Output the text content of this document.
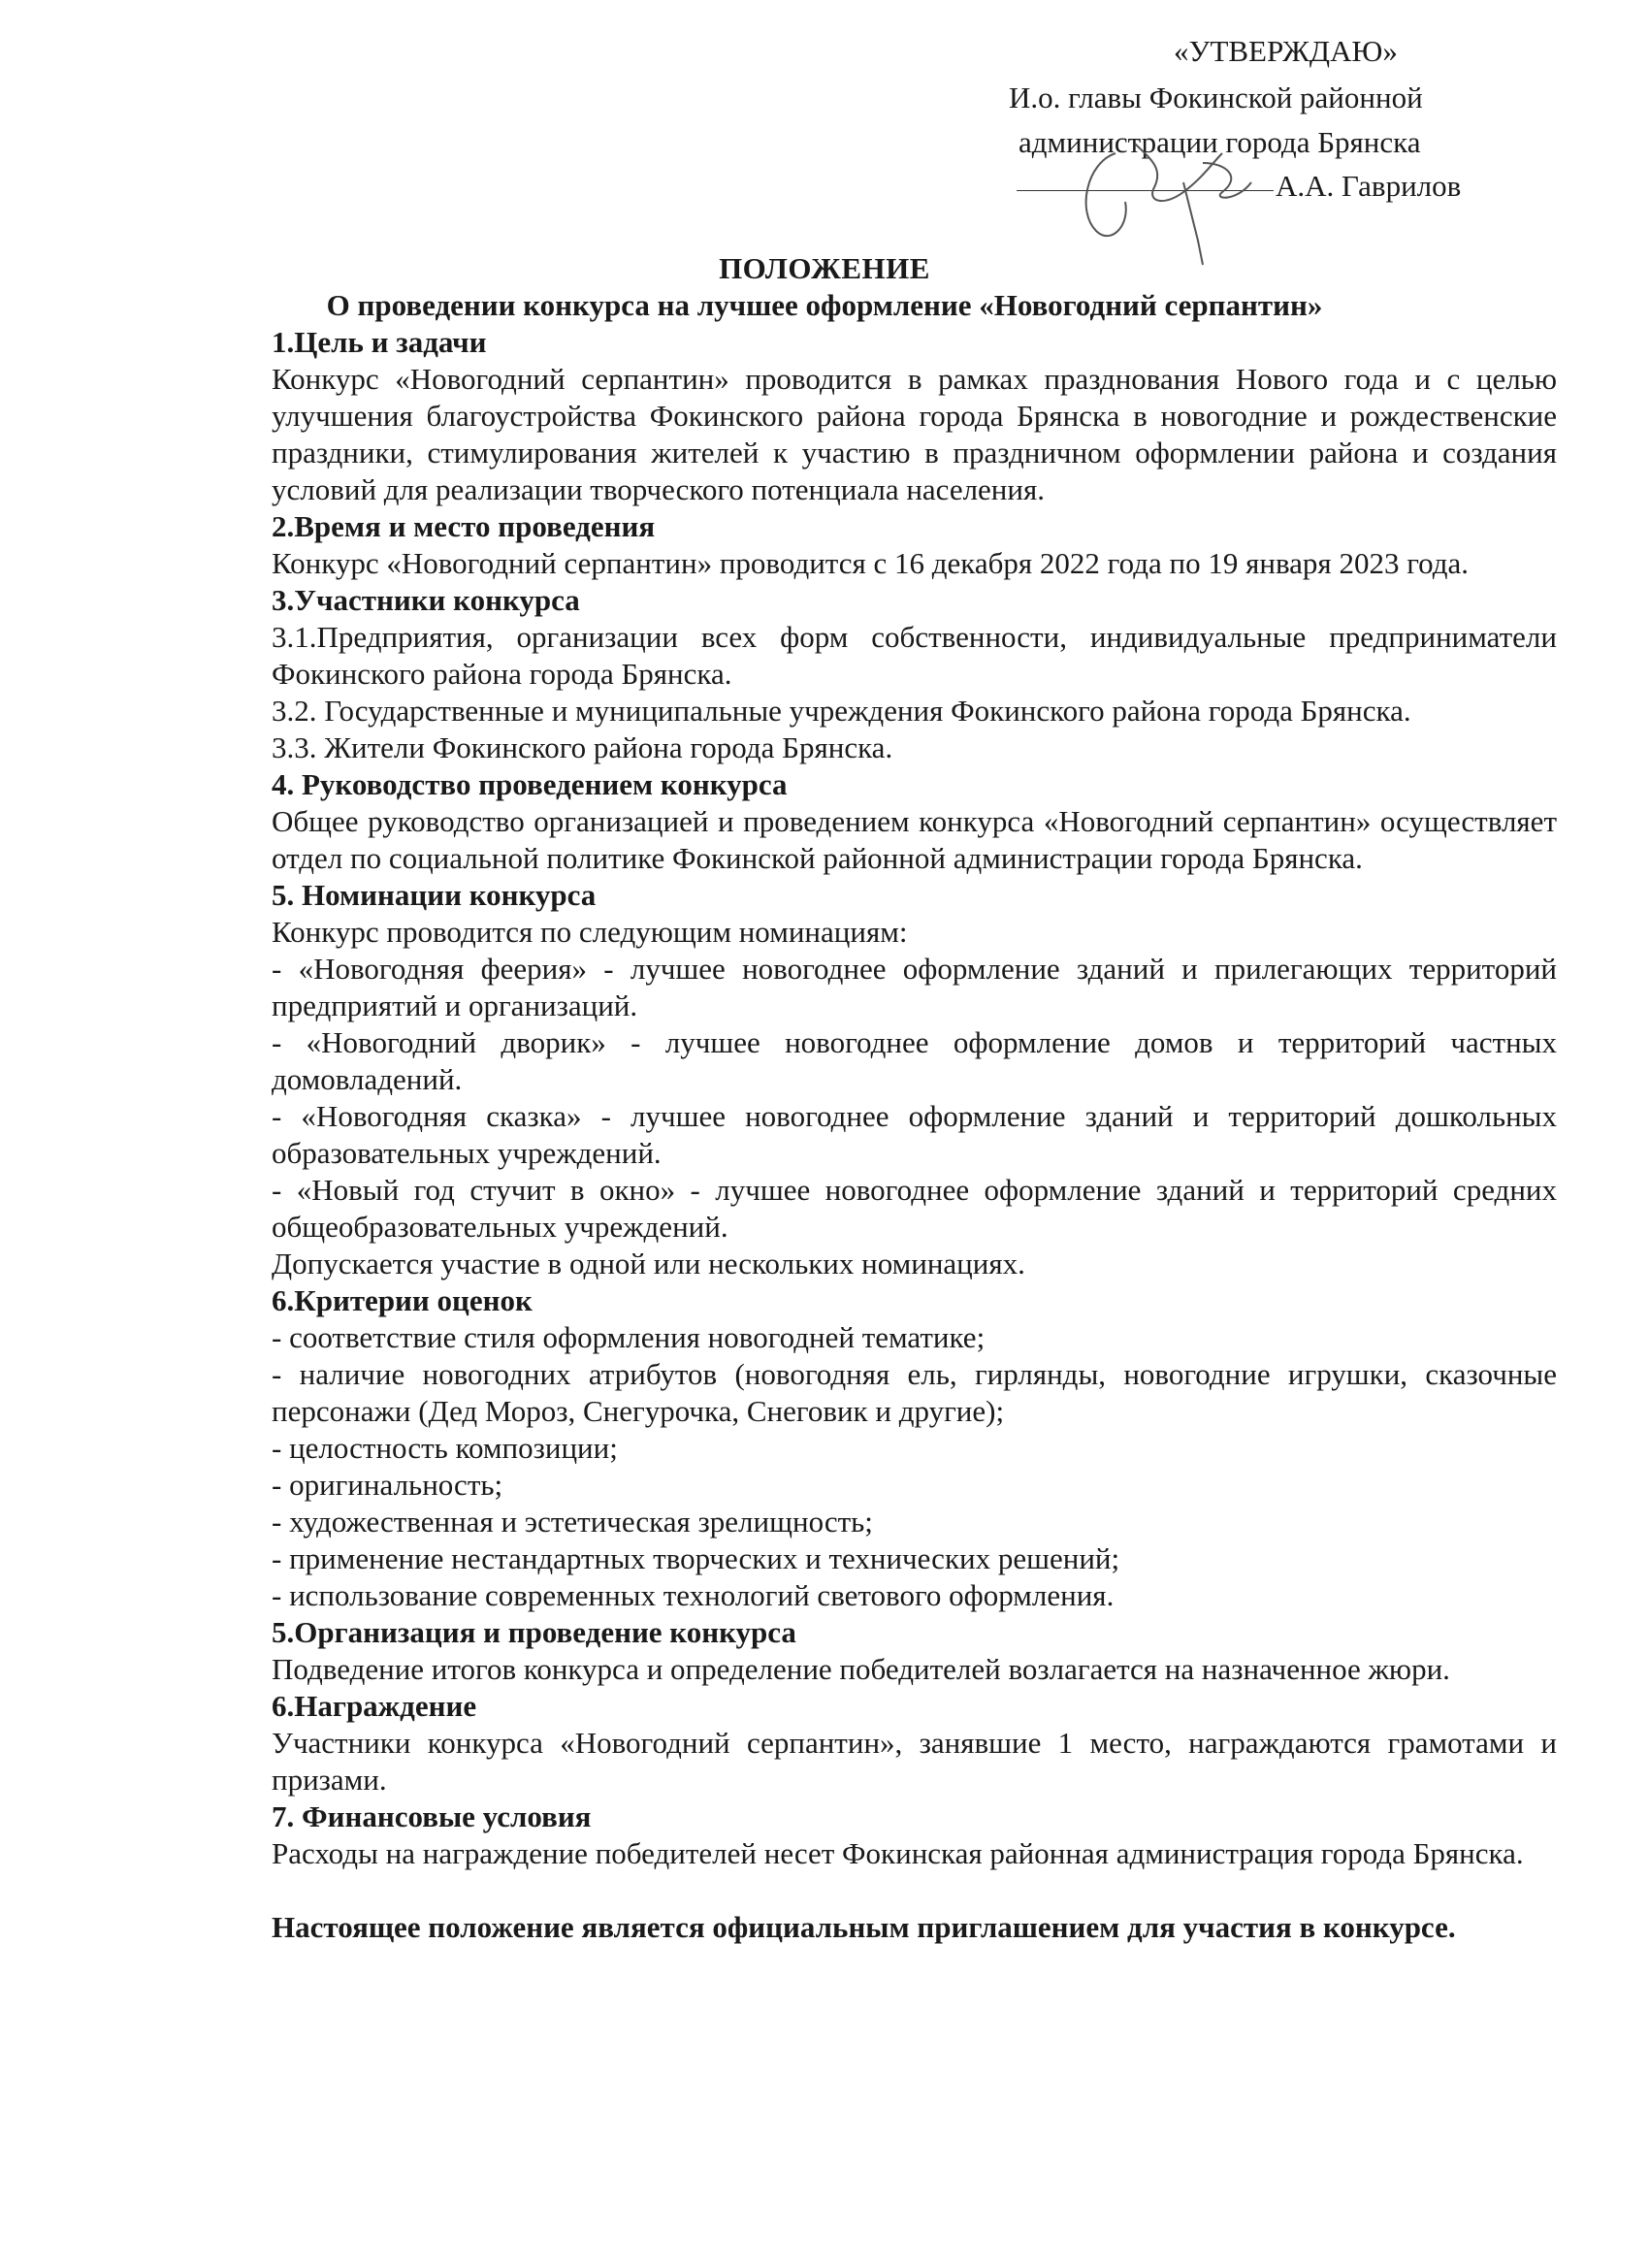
«УТВЕРЖДАЮ»
И.о. главы Фокинской районной
администрации города Брянска
А.А. Гаврилов
ПОЛОЖЕНИЕ
О проведении конкурса на лучшее оформление «Новогодний серпантин»
1.Цель и задачи

Конкурс «Новогодний серпантин» проводится в рамках празднования Нового года и с целью улучшения благоустройства Фокинского района города Брянска в новогодние и рождественские праздники, стимулирования жителей к участию в праздничном оформлении района и создания условий для реализации творческого потенциала населения.

2.Время и место проведения

Конкурс «Новогодний серпантин» проводится с 16 декабря 2022 года по 19 января 2023 года.

3.Участники конкурса

3.1.Предприятия, организации всех форм собственности, индивидуальные предприниматели Фокинского района города Брянска.

3.2. Государственные и муниципальные учреждения Фокинского района города Брянска.

3.3. Жители Фокинского района города Брянска.

4. Руководство проведением конкурса

Общее руководство организацией и проведением конкурса «Новогодний серпантин» осуществляет отдел по социальной политике Фокинской районной администрации города Брянска.

5. Номинации конкурса

Конкурс проводится по следующим номинациям:

- «Новогодняя феерия» - лучшее новогоднее оформление зданий и прилегающих территорий предприятий и организаций.

- «Новогодний дворик» - лучшее новогоднее оформление домов и территорий частных домовладений.

- «Новогодняя сказка» - лучшее новогоднее оформление зданий и территорий дошкольных образовательных учреждений.

- «Новый год стучит в окно» - лучшее новогоднее оформление зданий и территорий средних общеобразовательных учреждений.

Допускается участие в одной или нескольких номинациях.

6.Критерии оценок

- соответствие стиля оформления новогодней тематике;

- наличие новогодних атрибутов (новогодняя ель, гирлянды, новогодние игрушки, сказочные персонажи (Дед Мороз, Снегурочка, Снеговик и другие);

- целостность композиции;

- оригинальность;

- художественная и эстетическая зрелищность;

- применение нестандартных творческих и технических решений;

- использование современных технологий светового оформления.

5.Организация и проведение конкурса

Подведение итогов конкурса и определение победителей возлагается на назначенное жюри.

6.Награждение

Участники конкурса «Новогодний серпантин», занявшие 1 место, награждаются грамотами и призами.

7. Финансовые условия

Расходы на награждение победителей несет Фокинская районная администрация города Брянска.

Настоящее положение является официальным приглашением для участия в конкурсе.
